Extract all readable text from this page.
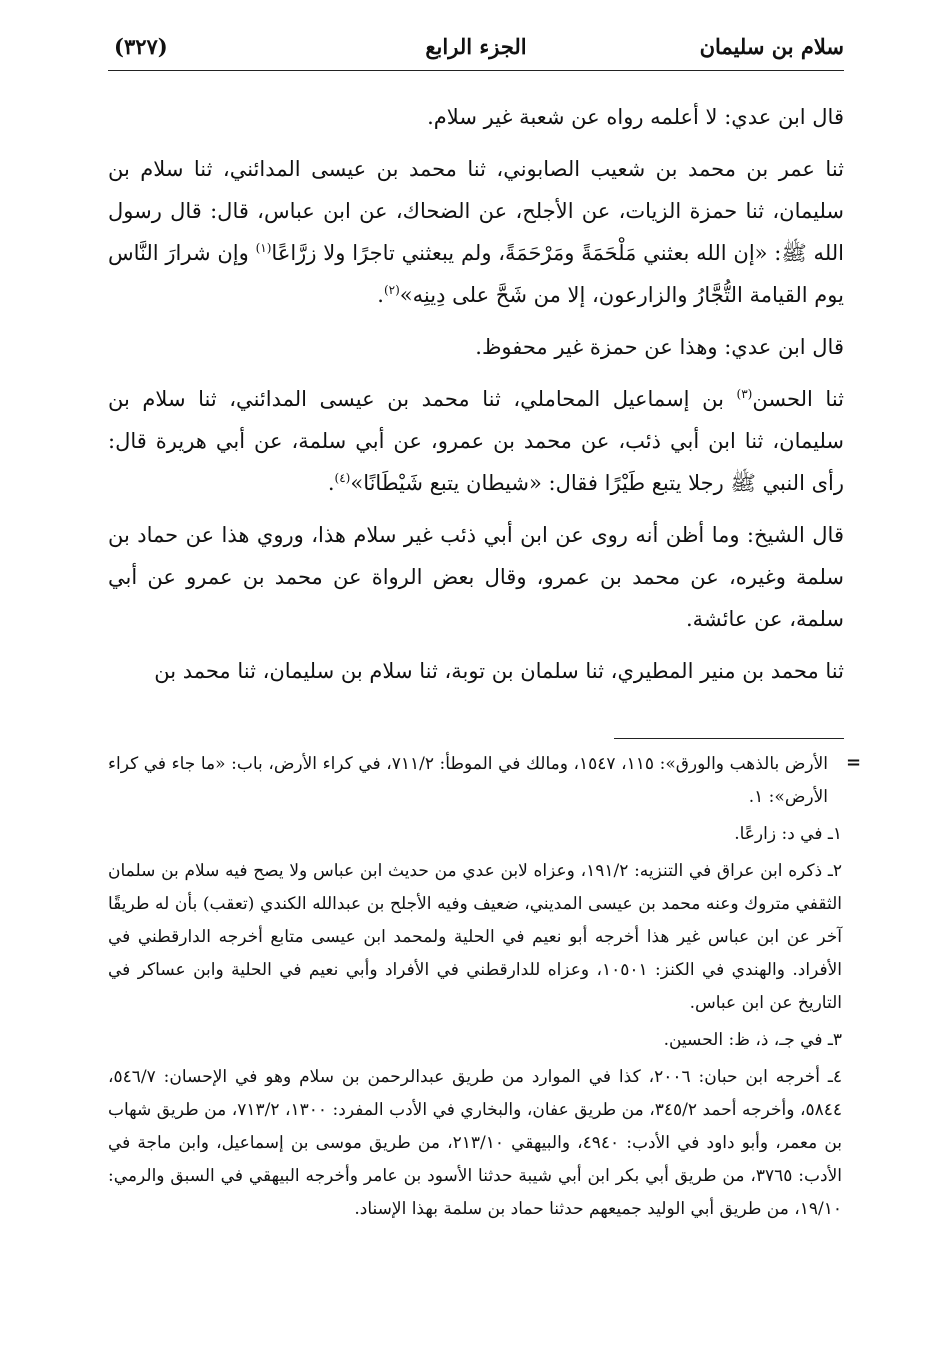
سلام بن سليمان
الجزء الرابع
(٣٢٧)

قال ابن عدي: لا أعلمه رواه عن شعبة غير سلام.

ثنا عمر بن محمد بن شعيب الصابوني، ثنا محمد بن عيسى المدائني، ثنا سلام بن سليمان، ثنا حمزة الزيات، عن الأجلح، عن الضحاك، عن ابن عباس، قال: قال رسول الله ﷺ: «إن الله بعثني مَلْحَمَةً ومَرْحَمَةً، ولم يبعثني تاجرًا ولا زرَّاعًا$^{(١)}$ وإن شرارَ النَّاس يوم القيامة التُّجَّارُ والزارعون، إلا من شَحَّ على دِينِه»$^{(٢)}$.

قال ابن عدي: وهذا عن حمزة غير محفوظ.

ثنا الحسن$^{(٣)}$ بن إسماعيل المحاملي، ثنا محمد بن عيسى المدائني، ثنا سلام بن سليمان، ثنا ابن أبي ذئب، عن محمد بن عمرو، عن أبي سلمة، عن أبي هريرة قال: رأى النبي ﷺ رجلا يتبع طَيْرًا فقال: «شيطان يتبع شَيْطَانًا»$^{(٤)}$.

قال الشيخ: وما أظن أنه روى عن ابن أبي ذئب غير سلام هذا، وروي هذا عن حماد بن سلمة وغيره، عن محمد بن عمرو، وقال بعض الرواة عن محمد بن عمرو عن أبي سلمة، عن عائشة.

ثنا محمد بن منير المطيري، ثنا سلمان بن توبة، ثنا سلام بن سليمان، ثنا محمد بن

=

الأرض بالذهب والورق»: ١١٥، ١٥٤٧، ومالك في الموطأ: ٧١١/٢، في كراء الأرض، باب: «ما جاء في كراء الأرض»: ١.

١ـ في د: زارعًا.

٢ـ ذكره ابن عراق في التنزيه: ١٩١/٢، وعزاه لابن عدي من حديث ابن عباس ولا يصح فيه سلام بن سلمان الثقفي متروك وعنه محمد بن عيسى المديني، ضعيف وفيه الأجلح بن عبدالله الكندي (تعقب) بأن له طريقًا آخر عن ابن عباس غير هذا أخرجه أبو نعيم في الحلية ولمحمد ابن عيسى متابع أخرجه الدارقطني في الأفراد. والهندي في الكنز: ١٠٥٠١، وعزاه للدارقطني في الأفراد وأبي نعيم في الحلية وابن عساكر في التاريخ عن ابن عباس.

٣ـ في جـ، ذ، ظ: الحسين.

٤ـ أخرجه ابن حبان: ٢٠٠٦، كذا في الموارد من طريق عبدالرحمن بن سلام وهو في الإحسان: ٥٤٦/٧، ٥٨٤٤، وأخرجه أحمد ٣٤٥/٢، من طريق عفان، والبخاري في الأدب المفرد: ١٣٠٠، ٧١٣/٢، من طريق شهاب بن معمر، وأبو داود في الأدب: ٤٩٤٠، والبيهقي ٢١٣/١٠، من طريق موسى بن إسماعيل، وابن ماجة في الأدب: ٣٧٦٥، من طريق أبي بكر ابن أبي شيبة حدثنا الأسود بن عامر وأخرجه البيهقي في السبق والرمي: ١٩/١٠، من طريق أبي الوليد جميعهم حدثنا حماد بن سلمة بهذا الإسناد.
